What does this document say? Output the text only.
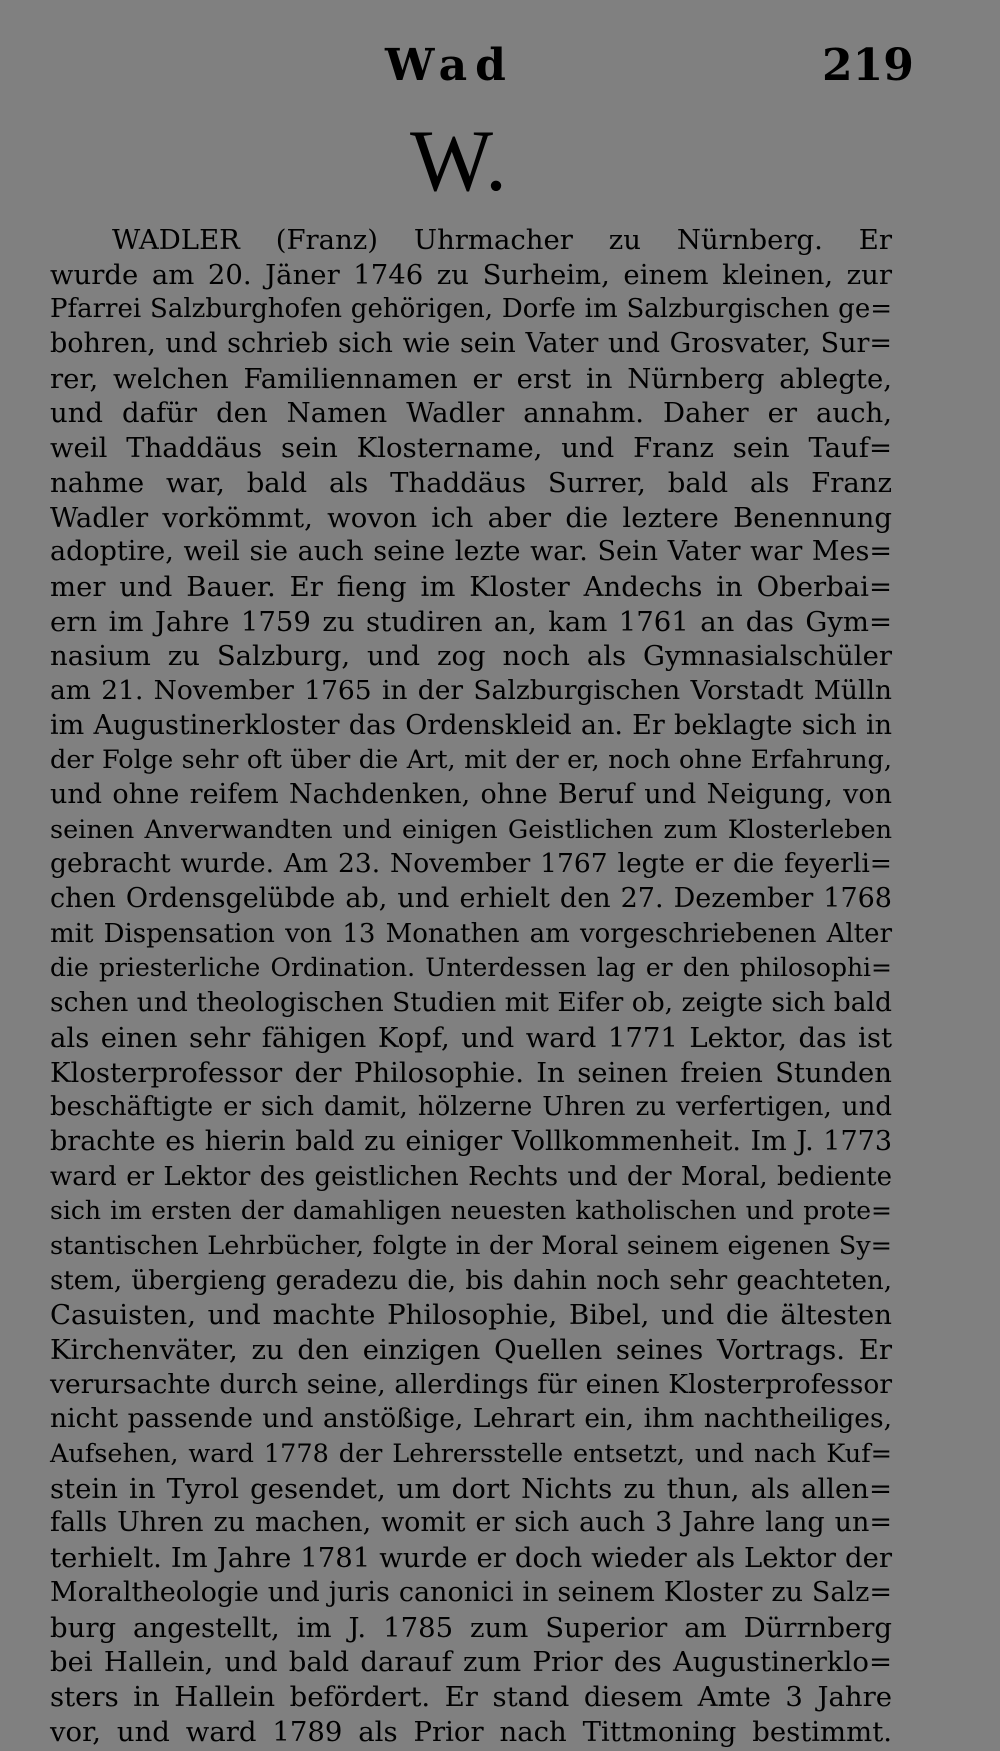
Wad	219
W.
WADLER (Franz) Uhrmacher zu Nürnberg. Er
wurde am 20. Jäner 1746 zu Surheim, einem kleinen, zur
Pfarrei Salzburghofen gehörigen, Dorfe im Salzburgischen ge=
bohren, und schrieb sich wie sein Vater und Grosvater, Sur=
rer, welchen Familiennamen er erst in Nürnberg ablegte,
und dafür den Namen Wadler annahm. Daher er auch,
weil Thaddäus sein Klostername, und Franz sein Tauf=
nahme war, bald als Thaddäus Surrer, bald als Franz
Wadler vorkömmt, wovon ich aber die leztere Benennung
adoptire, weil sie auch seine lezte war. Sein Vater war Mes=
mer und Bauer. Er fieng im Kloster Andechs in Oberbai=
ern im Jahre 1759 zu studiren an, kam 1761 an das Gym=
nasium zu Salzburg, und zog noch als Gymnasialschüler
am 21. November 1765 in der Salzburgischen Vorstadt Mülln
im Augustinerkloster das Ordenskleid an. Er beklagte sich in
der Folge sehr oft über die Art, mit der er, noch ohne Erfahrung,
und ohne reifem Nachdenken, ohne Beruf und Neigung, von
seinen Anverwandten und einigen Geistlichen zum Klosterleben
gebracht wurde. Am 23. November 1767 legte er die feyerli=
chen Ordensgelübde ab, und erhielt den 27. Dezember 1768
mit Dispensation von 13 Monathen am vorgeschriebenen Alter
die priesterliche Ordination. Unterdessen lag er den philosophi=
schen und theologischen Studien mit Eifer ob, zeigte sich bald
als einen sehr fähigen Kopf, und ward 1771 Lektor, das ist
Klosterprofessor der Philosophie. In seinen freien Stunden
beschäftigte er sich damit, hölzerne Uhren zu verfertigen, und
brachte es hierin bald zu einiger Vollkommenheit. Im J. 1773
ward er Lektor des geistlichen Rechts und der Moral, bediente
sich im ersten der damahligen neuesten katholischen und prote=
stantischen Lehrbücher, folgte in der Moral seinem eigenen Sy=
stem, übergieng geradezu die, bis dahin noch sehr geachteten,
Casuisten, und machte Philosophie, Bibel, und die ältesten
Kirchenväter, zu den einzigen Quellen seines Vortrags. Er
verursachte durch seine, allerdings für einen Klosterprofessor
nicht passende und anstößige, Lehrart ein, ihm nachtheiliges,
Aufsehen, ward 1778 der Lehrersstelle entsetzt, und nach Kuf=
stein in Tyrol gesendet, um dort Nichts zu thun, als allen=
falls Uhren zu machen, womit er sich auch 3 Jahre lang un=
terhielt. Im Jahre 1781 wurde er doch wieder als Lektor der
Moraltheologie und juris canonici in seinem Kloster zu Salz=
burg angestellt, im J. 1785 zum Superior am Dürrnberg
bei Hallein, und bald darauf zum Prior des Augustinerklo=
sters in Hallein befördert. Er stand diesem Amte 3 Jahre
vor, und ward 1789 als Prior nach Tittmoning bestimmt.
